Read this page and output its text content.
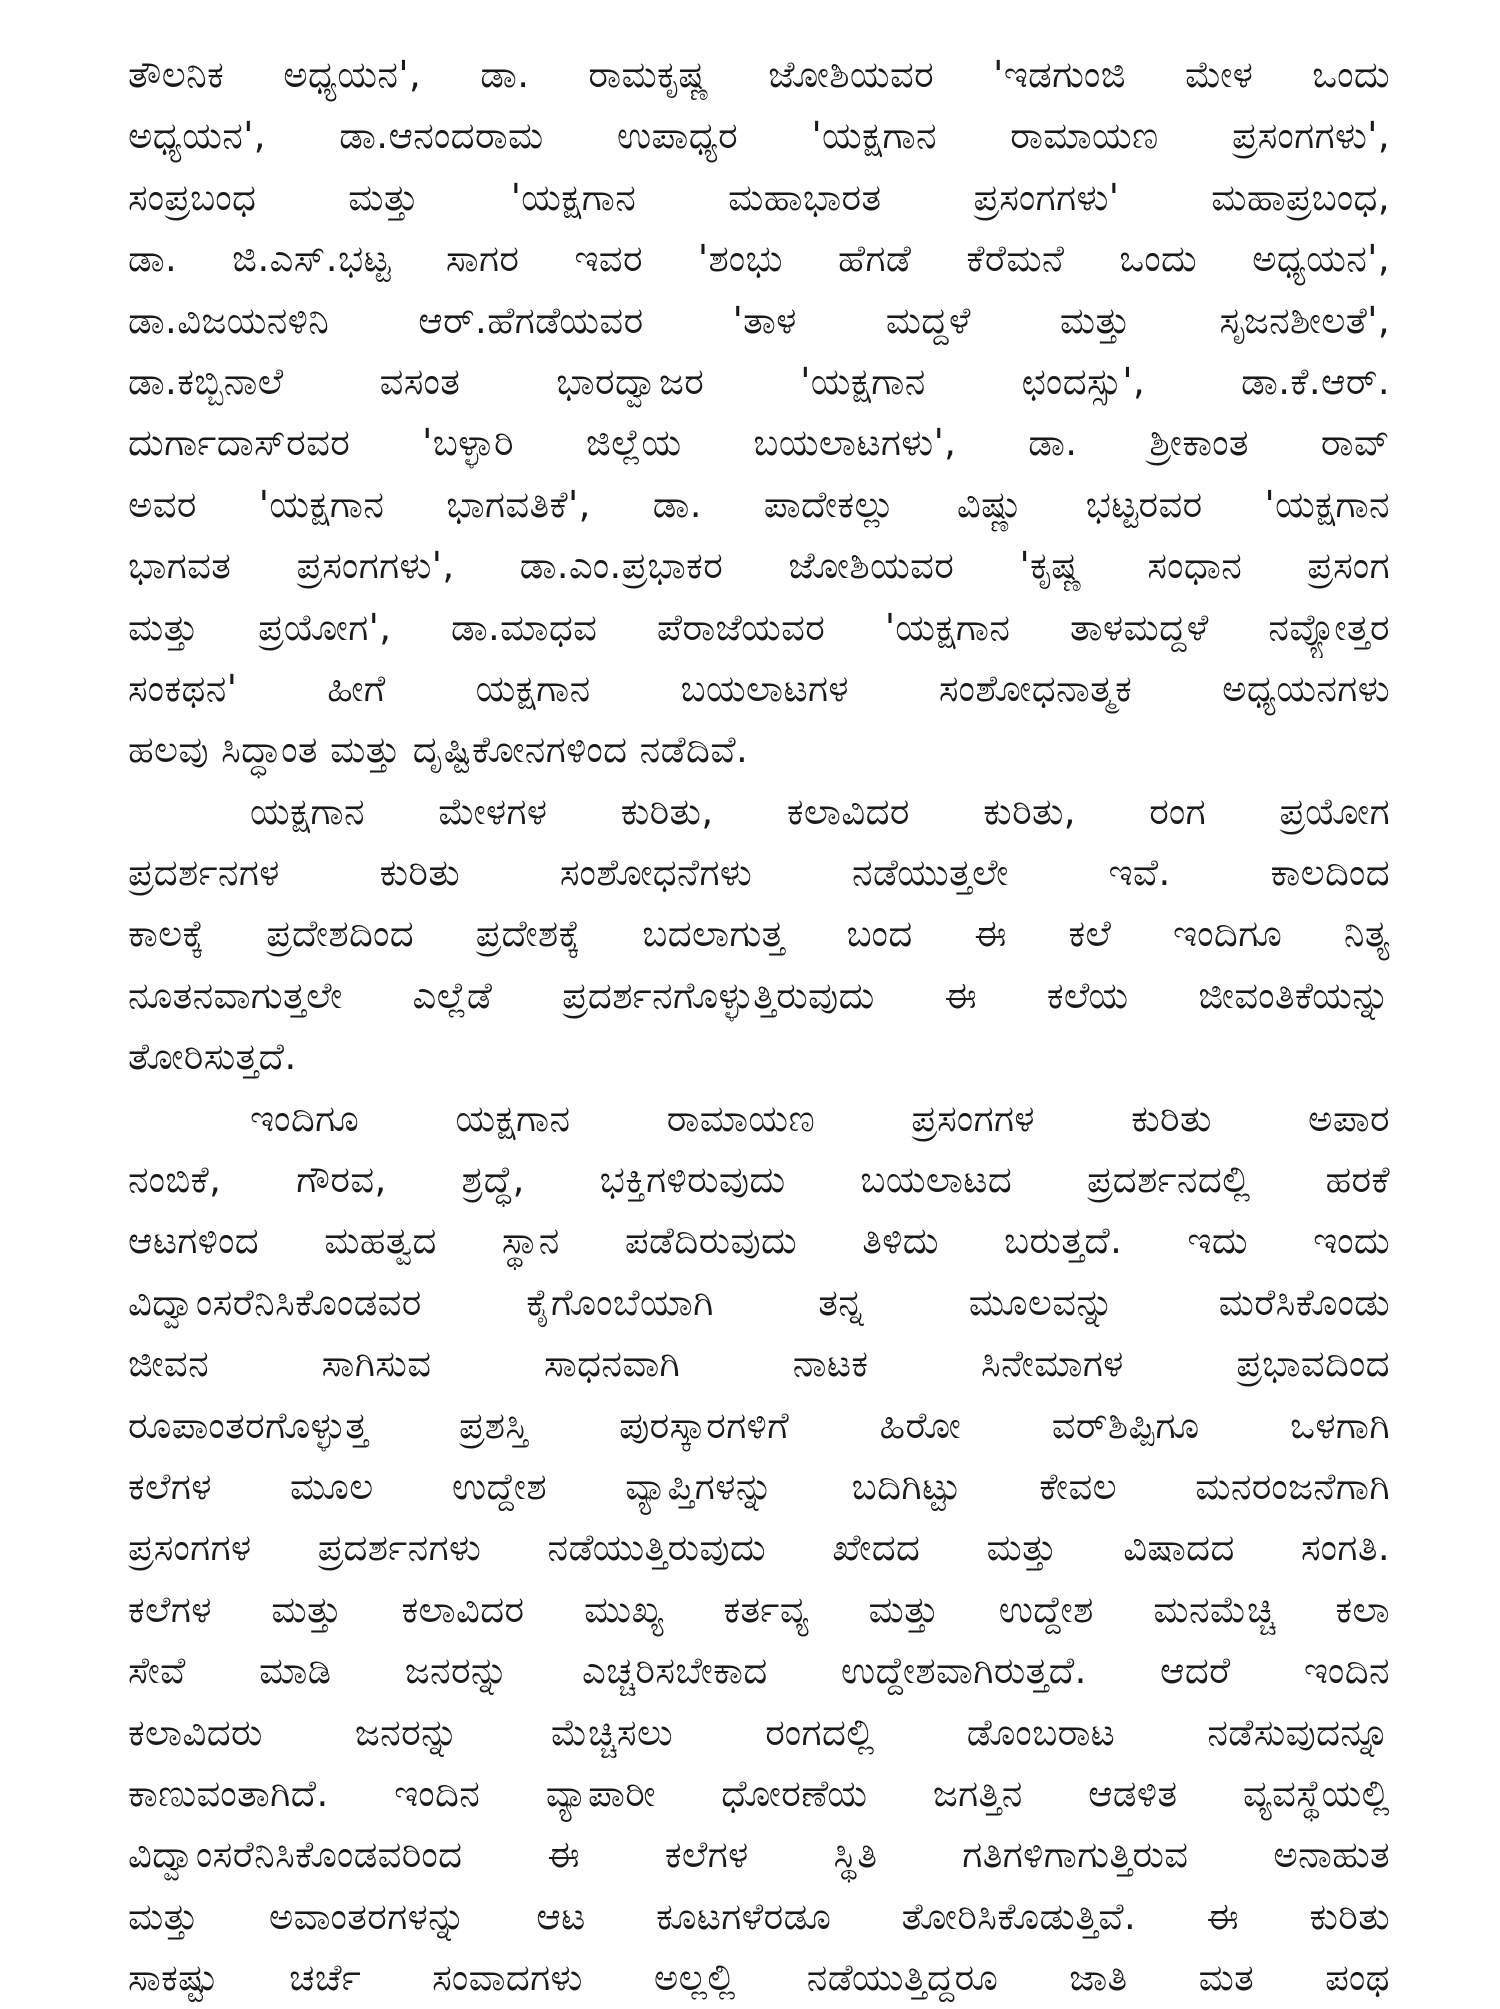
ತೌಲನಿಕ ಅಧ್ಯಯನ', ಡಾ. ರಾಮಕೃಷ್ಣ ಜೋಶಿಯವರ 'ಇಡಗುಂಜಿ ಮೇಳ ಒಂದು
ಅಧ್ಯಯನ', ಡಾ.ಆನಂದರಾಮ ಉಪಾಧ್ಯರ 'ಯಕ್ಷಗಾನ ರಾಮಾಯಣ ಪ್ರಸಂಗಗಳು',
ಸಂಪ್ರಬಂಧ ಮತ್ತು 'ಯಕ್ಷಗಾನ ಮಹಾಭಾರತ ಪ್ರಸಂಗಗಳು' ಮಹಾಪ್ರಬಂಧ,
ಡಾ. ಜಿ.ಎಸ್.ಭಟ್ಟ ಸಾಗರ ಇವರ 'ಶಂಭು ಹೆಗಡೆ ಕೆರೆಮನೆ ಒಂದು ಅಧ್ಯಯನ',
ಡಾ.ವಿಜಯನಳಿನಿ ಆರ್.ಹೆಗಡೆಯವರ 'ತಾಳ ಮದ್ದಳೆ ಮತ್ತು ಸೃಜನಶೀಲತೆ',
ಡಾ.ಕಬ್ಬಿನಾಲೆ ವಸಂತ ಭಾರದ್ವಾಜರ 'ಯಕ್ಷಗಾನ ಛಂದಸ್ಸು', ಡಾ.ಕೆ.ಆರ್.
ದುರ್ಗಾದಾಸ್‌ರವರ 'ಬಳ್ಳಾರಿ ಜಿಲ್ಲೆಯ ಬಯಲಾಟಗಳು', ಡಾ. ಶ್ರೀಕಾಂತ ರಾವ್
ಅವರ 'ಯಕ್ಷಗಾನ ಭಾಗವತಿಕೆ', ಡಾ. ಪಾದೇಕಲ್ಲು ವಿಷ್ಣು ಭಟ್ಟರವರ 'ಯಕ್ಷಗಾನ
ಭಾಗವತ ಪ್ರಸಂಗಗಳು', ಡಾ.ಎಂ.ಪ್ರಭಾಕರ ಜೋಶಿಯವರ 'ಕೃಷ್ಣ ಸಂಧಾನ ಪ್ರಸಂಗ
ಮತ್ತು ಪ್ರಯೋಗ', ಡಾ.ಮಾಧವ ಪೆರಾಜೆಯವರ 'ಯಕ್ಷಗಾನ ತಾಳಮದ್ದಳೆ ನವ್ಯೋತ್ತರ
ಸಂಕಥನ' ಹೀಗೆ ಯಕ್ಷಗಾನ ಬಯಲಾಟಗಳ ಸಂಶೋಧನಾತ್ಮಕ ಅಧ್ಯಯನಗಳು
ಹಲವು ಸಿದ್ಧಾಂತ ಮತ್ತು ದೃಷ್ಟಿಕೋನಗಳಿಂದ ನಡೆದಿವೆ.
ಯಕ್ಷಗಾನ ಮೇಳಗಳ ಕುರಿತು, ಕಲಾವಿದರ ಕುರಿತು, ರಂಗ ಪ್ರಯೋಗ
ಪ್ರದರ್ಶನಗಳ ಕುರಿತು ಸಂಶೋಧನೆಗಳು ನಡೆಯುತ್ತಲೇ ಇವೆ. ಕಾಲದಿಂದ
ಕಾಲಕ್ಕೆ ಪ್ರದೇಶದಿಂದ ಪ್ರದೇಶಕ್ಕೆ ಬದಲಾಗುತ್ತ ಬಂದ ಈ ಕಲೆ ಇಂದಿಗೂ ನಿತ್ಯ
ನೂತನವಾಗುತ್ತಲೇ ಎಲ್ಲೆಡೆ ಪ್ರದರ್ಶನಗೊಳ್ಳುತ್ತಿರುವುದು ಈ ಕಲೆಯ ಜೀವಂತಿಕೆಯನ್ನು
ತೋರಿಸುತ್ತದೆ.
ಇಂದಿಗೂ ಯಕ್ಷಗಾನ ರಾಮಾಯಣ ಪ್ರಸಂಗಗಳ ಕುರಿತು ಅಪಾರ
ನಂಬಿಕೆ, ಗೌರವ, ಶ್ರದ್ಧೆ, ಭಕ್ತಿಗಳಿರುವುದು ಬಯಲಾಟದ ಪ್ರದರ್ಶನದಲ್ಲಿ ಹರಕೆ
ಆಟಗಳಿಂದ ಮಹತ್ವದ ಸ್ಥಾನ ಪಡೆದಿರುವುದು ತಿಳಿದು ಬರುತ್ತದೆ. ಇದು ಇಂದು
ವಿದ್ವಾಂಸರೆನಿಸಿಕೊಂಡವರ ಕೈಗೊಂಬೆಯಾಗಿ ತನ್ನ ಮೂಲವನ್ನು ಮರೆಸಿಕೊಂಡು
ಜೀವನ ಸಾಗಿಸುವ ಸಾಧನವಾಗಿ ನಾಟಕ ಸಿನೇಮಾಗಳ ಪ್ರಭಾವದಿಂದ
ರೂಪಾಂತರಗೊಳ್ಳುತ್ತ ಪ್ರಶಸ್ತಿ ಪುರಸ್ಕಾರಗಳಿಗೆ ಹಿರೋ ವರ್‌ಶಿಪ್ಪಿಗೂ ಒಳಗಾಗಿ
ಕಲೆಗಳ ಮೂಲ ಉದ್ದೇಶ ವ್ಯಾಪ್ತಿಗಳನ್ನು ಬದಿಗಿಟ್ಟು ಕೇವಲ ಮನರಂಜನೆಗಾಗಿ
ಪ್ರಸಂಗಗಳ ಪ್ರದರ್ಶನಗಳು ನಡೆಯುತ್ತಿರುವುದು ಖೇದದ ಮತ್ತು ವಿಷಾದದ ಸಂಗತಿ.
ಕಲೆಗಳ ಮತ್ತು ಕಲಾವಿದರ ಮುಖ್ಯ ಕರ್ತವ್ಯ ಮತ್ತು ಉದ್ದೇಶ ಮನಮೆಚ್ಚಿ ಕಲಾ
ಸೇವೆ ಮಾಡಿ ಜನರನ್ನು ಎಚ್ಚರಿಸಬೇಕಾದ ಉದ್ದೇಶವಾಗಿರುತ್ತದೆ. ಆದರೆ ಇಂದಿನ
ಕಲಾವಿದರು ಜನರನ್ನು ಮೆಚ್ಚಿಸಲು ರಂಗದಲ್ಲಿ ಡೊಂಬರಾಟ ನಡೆಸುವುದನ್ನೂ
ಕಾಣುವಂತಾಗಿದೆ. ಇಂದಿನ ವ್ಯಾಪಾರೀ ಧೋರಣೆಯ ಜಗತ್ತಿನ ಆಡಳಿತ ವ್ಯವಸ್ಥೆಯಲ್ಲಿ
ವಿದ್ವಾಂಸರೆನಿಸಿಕೊಂಡವರಿಂದ ಈ ಕಲೆಗಳ ಸ್ಥಿತಿ ಗತಿಗಳಿಗಾಗುತ್ತಿರುವ ಅನಾಹುತ
ಮತ್ತು ಅವಾಂತರಗಳನ್ನು ಆಟ ಕೂಟಗಳೆರಡೂ ತೋರಿಸಿಕೊಡುತ್ತಿವೆ. ಈ ಕುರಿತು
ಸಾಕಷ್ಟು ಚರ್ಚೆ ಸಂವಾದಗಳು ಅಲ್ಲಲ್ಲಿ ನಡೆಯುತ್ತಿದ್ದರೂ ಜಾತಿ ಮತ ಪಂಥ
